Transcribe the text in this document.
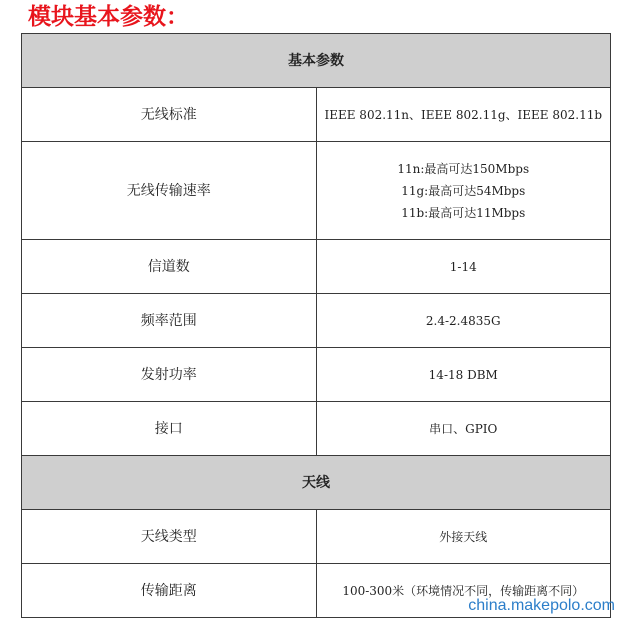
模块基本参数：
基本参数	
无线标准	IEEE 802.11n、IEEE 802.11g、IEEE 802.11b
无线传输速率	11n:最高可达150Mbps
11g:最高可达54Mbps
11b:最高可达11Mbps

信道数	1-14
频率范围	2.4-2.4835G
发射功率	14-18 DBM
接口	串口、GPIO
天线	
天线类型	外接天线
传输距离	100-300米（环境情况不同，传输距离不同）
china.makepolo.com
